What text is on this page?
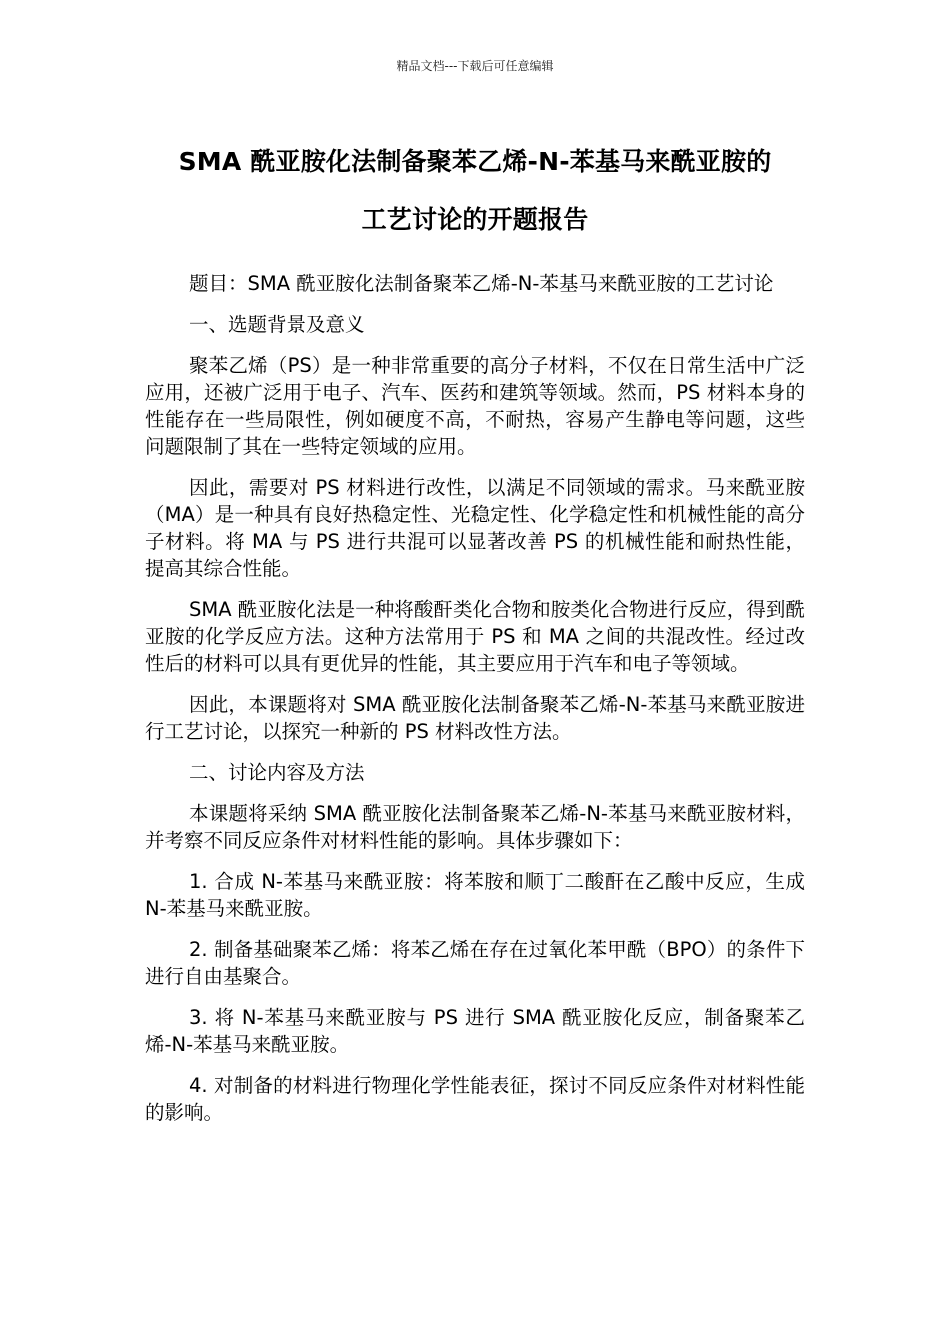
精品文档---下载后可任意编辑
SMA 酰亚胺化法制备聚苯乙烯-N-苯基马来酰亚胺的
工艺讨论的开题报告

题目：SMA 酰亚胺化法制备聚苯乙烯-N-苯基马来酰亚胺的工艺讨论

一、选题背景及意义

聚苯乙烯（PS）是一种非常重要的高分子材料，不仅在日常生活中广泛应用，还被广泛用于电子、汽车、医药和建筑等领域。然而，PS 材料本身的性能存在一些局限性，例如硬度不高，不耐热，容易产生静电等问题，这些问题限制了其在一些特定领域的应用。

因此，需要对 PS 材料进行改性，以满足不同领域的需求。马来酰亚胺（MA）是一种具有良好热稳定性、光稳定性、化学稳定性和机械性能的高分子材料。将 MA 与 PS 进行共混可以显著改善 PS 的机械性能和耐热性能，提高其综合性能。

SMA 酰亚胺化法是一种将酸酐类化合物和胺类化合物进行反应，得到酰亚胺的化学反应方法。这种方法常用于 PS 和 MA 之间的共混改性。经过改性后的材料可以具有更优异的性能，其主要应用于汽车和电子等领域。

因此，本课题将对 SMA 酰亚胺化法制备聚苯乙烯-N-苯基马来酰亚胺进行工艺讨论，以探究一种新的 PS 材料改性方法。

二、讨论内容及方法

本课题将采纳 SMA 酰亚胺化法制备聚苯乙烯-N-苯基马来酰亚胺材料，并考察不同反应条件对材料性能的影响。具体步骤如下：

1. 合成 N-苯基马来酰亚胺：将苯胺和顺丁二酸酐在乙酸中反应，生成 N-苯基马来酰亚胺。

2. 制备基础聚苯乙烯：将苯乙烯在存在过氧化苯甲酰（BPO）的条件下进行自由基聚合。

3. 将 N-苯基马来酰亚胺与 PS 进行 SMA 酰亚胺化反应，制备聚苯乙烯-N-苯基马来酰亚胺。

4. 对制备的材料进行物理化学性能表征，探讨不同反应条件对材料性能的影响。
